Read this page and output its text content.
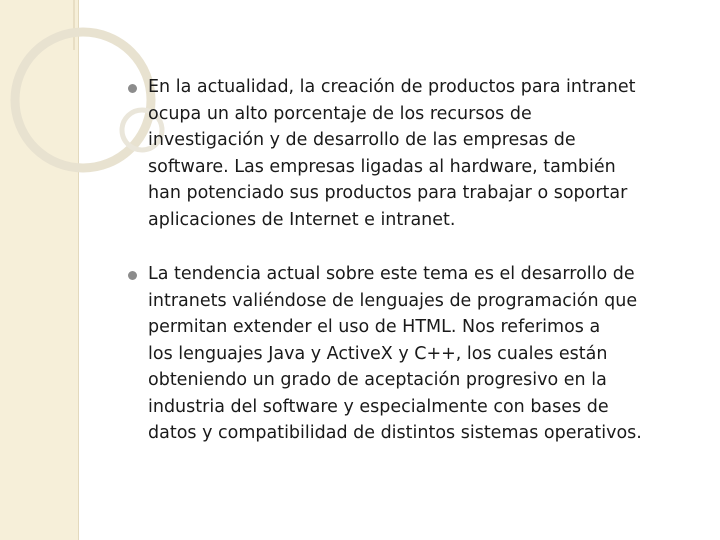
En la actualidad, la creación de productos para intranet
ocupa un alto porcentaje de los recursos de
investigación y de desarrollo de las empresas de
software. Las empresas ligadas al hardware, también
han potenciado sus productos para trabajar o soportar
aplicaciones de Internet e intranet.

La tendencia actual sobre este tema es el desarrollo de
intranets valiéndose de lenguajes de programación que
permitan extender el uso de HTML. Nos referimos a
los lenguajes Java y ActiveX y C++, los cuales están
obteniendo un grado de aceptación progresivo en la
industria del software y especialmente con bases de
datos y compatibilidad de distintos sistemas operativos.
